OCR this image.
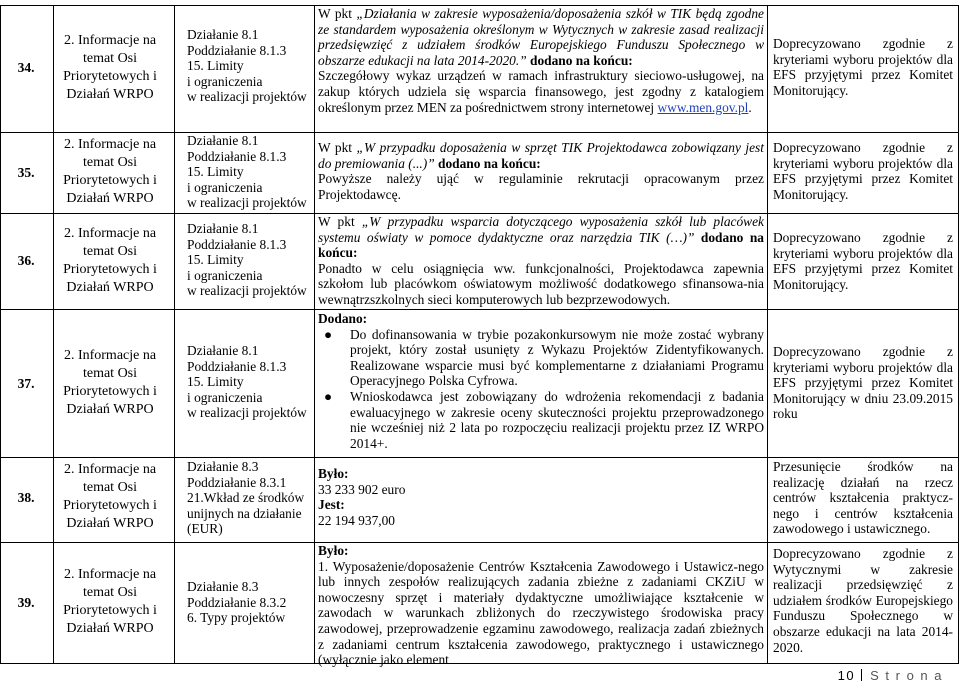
34.
35.
36.
37.
38.
39.
2. Informacje na temat Osi Priorytetowych i Działań WRPO
2. Informacje na temat Osi Priorytetowych i Działań WRPO
2. Informacje na temat Osi Priorytetowych i Działań WRPO
2. Informacje na temat Osi Priorytetowych i Działań WRPO
2. Informacje na temat Osi Priorytetowych i Działań WRPO
2. Informacje na temat Osi Priorytetowych i Działań WRPO
Działanie 8.1
Poddziałanie 8.1.3
15. Limity
i ograniczenia
w realizacji projektów
Działanie 8.1
Poddziałanie 8.1.3
15. Limity
i ograniczenia
w realizacji projektów
Działanie 8.1
Poddziałanie 8.1.3
15. Limity
i ograniczenia
w realizacji projektów
Działanie 8.1
Poddziałanie 8.1.3
15. Limity
i ograniczenia
w realizacji projektów
Działanie 8.3
Poddziałanie 8.3.1
21.Wkład ze środków
unijnych na działanie
(EUR)
Działanie 8.3
Poddziałanie 8.3.2
6. Typy projektów

W pkt „Działania w zakresie wyposażenia/doposażenia szkół w TIK będą zgodne ze standardem wyposażenia określonym w Wytycznych w zakresie zasad realizacji przedsięwzięć z udziałem środków Europejskiego Funduszu Społecznego w obszarze edukacji na lata 2014-2020.” dodano na końcu:

Szczegółowy wykaz urządzeń w ramach infrastruktury sieciowo-usługowej, na zakup których udziela się wsparcia finansowego, jest zgodny z katalogiem określonym przez MEN za pośrednictwem strony internetowej www.men.gov.pl.

W pkt „W przypadku doposażenia w sprzęt TIK Projektodawca zobowiązany jest do premiowania (...)” dodano na końcu:

Powyższe należy ująć w regulaminie rekrutacji opracowanym przez Projektodawcę.

W pkt „W przypadku wsparcia dotyczącego wyposażenia szkół lub placówek systemu oświaty w pomoce dydaktyczne oraz narzędzia TIK (…)” dodano na końcu:

Ponadto w celu osiągnięcia ww. funkcjonalności, Projektodawca zapewnia szkołom lub placówkom oświatowym możliwość dodatkowego sfinansowa-nia wewnątrzszkolnych sieci komputerowych lub bezprzewodowych.

Dodano:

● Do dofinansowania w trybie pozakonkursowym nie może zostać wybrany projekt, który został usunięty z Wykazu Projektów Zidentyfikowanych. Realizowane wsparcie musi być komplementarne z działaniami Programu Operacyjnego Polska Cyfrowa.
● Wnioskodawca jest zobowiązany do wdrożenia rekomendacji z badania ewaluacyjnego w zakresie oceny skuteczności projektu przeprowadzonego nie wcześniej niż 2 lata po rozpoczęciu realizacji projektu przez IZ WRPO 2014+.

Było:

33 233 902 euro

Jest:

22 194 937,00

Było:

1. Wyposażenie/doposażenie Centrów Kształcenia Zawodowego i Ustawicz-nego lub innych zespołów realizujących zadania zbieżne z zadaniami CKZiU w nowoczesny sprzęt i materiały dydaktyczne umożliwiające kształcenie w zawodach w warunkach zbliżonych do rzeczywistego środowiska pracy zawodowej, przeprowadzenie egzaminu zawodowego, realizacja zadań zbieżnych z zadaniami centrum kształcenia zawodowego, praktycznego i ustawicznego (wyłącznie jako element

Doprecyzowano zgodnie z kryteriami wyboru projektów dla EFS przyjętymi przez Komitet Monitorujący.
Doprecyzowano zgodnie z kryteriami wyboru projektów dla EFS przyjętymi przez Komitet Monitorujący.
Doprecyzowano zgodnie z kryteriami wyboru projektów dla EFS przyjętymi przez Komitet Monitorujący.
Doprecyzowano zgodnie z kryteriami wyboru projektów dla EFS przyjętymi przez Komitet Monitorujący w dniu 23.09.2015 roku
Przesunięcie środków na realizację działań na rzecz centrów kształcenia praktycz-nego i centrów kształcenia zawodowego i ustawicznego.
Doprecyzowano zgodnie z Wytycznymi w zakresie realizacji przedsięwzięć z udziałem środków Europejskiego Funduszu Społecznego w obszarze edukacji na lata 2014-2020.
10 S t r o n a
